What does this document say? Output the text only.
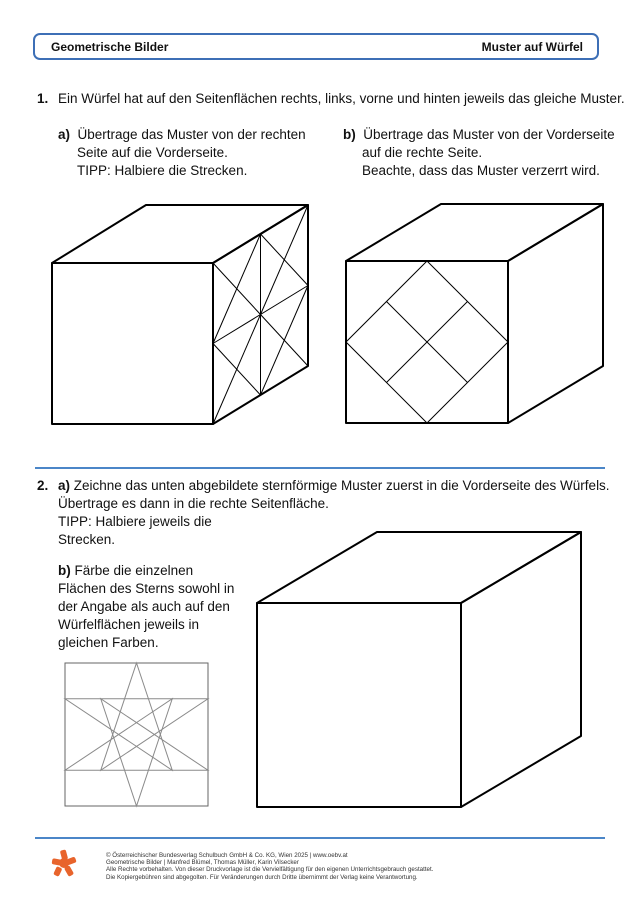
Geometrische Bilder	Muster auf Würfel
1. Ein Würfel hat auf den Seitenflächen rechts, links, vorne und hinten jeweils das gleiche Muster.
a) Übertrage das Muster von der rechten
Seite auf die Vorderseite.
TIPP: Halbiere die Strecken.
b) Übertrage das Muster von der Vorderseite
auf die rechte Seite.
Beachte, dass das Muster verzerrt wird.
2. a) Zeichne das unten abgebildete sternförmige Muster zuerst in die Vorderseite des Würfels.
Übertrage es dann in die rechte Seitenfläche.
TIPP: Halbiere jeweils die
Strecken.
b) Färbe die einzelnen
Flächen des Sterns sowohl in
der Angabe als auch auf den
Würfelflächen jeweils in
gleichen Farben.
© Österreichischer Bundesverlag Schulbuch GmbH & Co. KG, Wien 2025 | www.oebv.at
Geometrische Bilder | Manfred Blümel, Thomas Müller, Karin Vilsecker
Alle Rechte vorbehalten. Von dieser Druckvorlage ist die Vervielfältigung für den eigenen Unterrichtsgebrauch gestattet.
Die Kopiergebühren sind abgegolten. Für Veränderungen durch Dritte übernimmt der Verlag keine Verantwortung.
